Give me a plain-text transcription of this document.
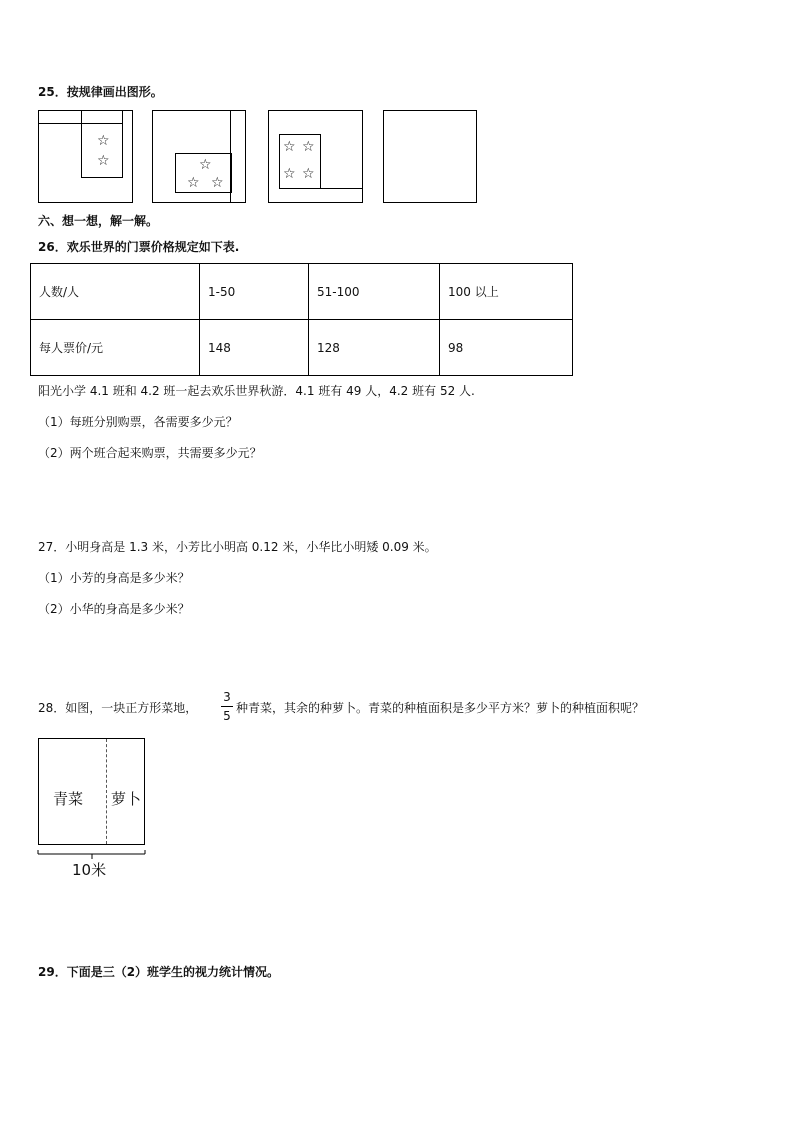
25．按规律画出图形。
☆
☆	☆
☆ ☆
☆ ☆
☆ ☆
六、想一想，解一解。
26．欢乐世界的门票价格规定如下表.
人数/人	1-50	51-100	100 以上
每人票价/元	148	128	98
阳光小学 4.1 班和 4.2 班一起去欢乐世界秋游．4.1 班有 49 人，4.2 班有 52 人.
（1）每班分别购票，各需要多少元？
（2）两个班合起来购票，共需要多少元？
27．小明身高是 1.3 米，小芳比小明高 0.12 米，小华比小明矮 0.09 米。
（1）小芳的身高是多少米？
（2）小华的身高是多少米？
28．如图，一块正方形菜地，
3
5
种青菜，其余的种萝卜。青菜的种植面积是多少平方米？萝卜的种植面积呢？
青菜 萝卜
10米
29．下面是三（2）班学生的视力统计情况。
